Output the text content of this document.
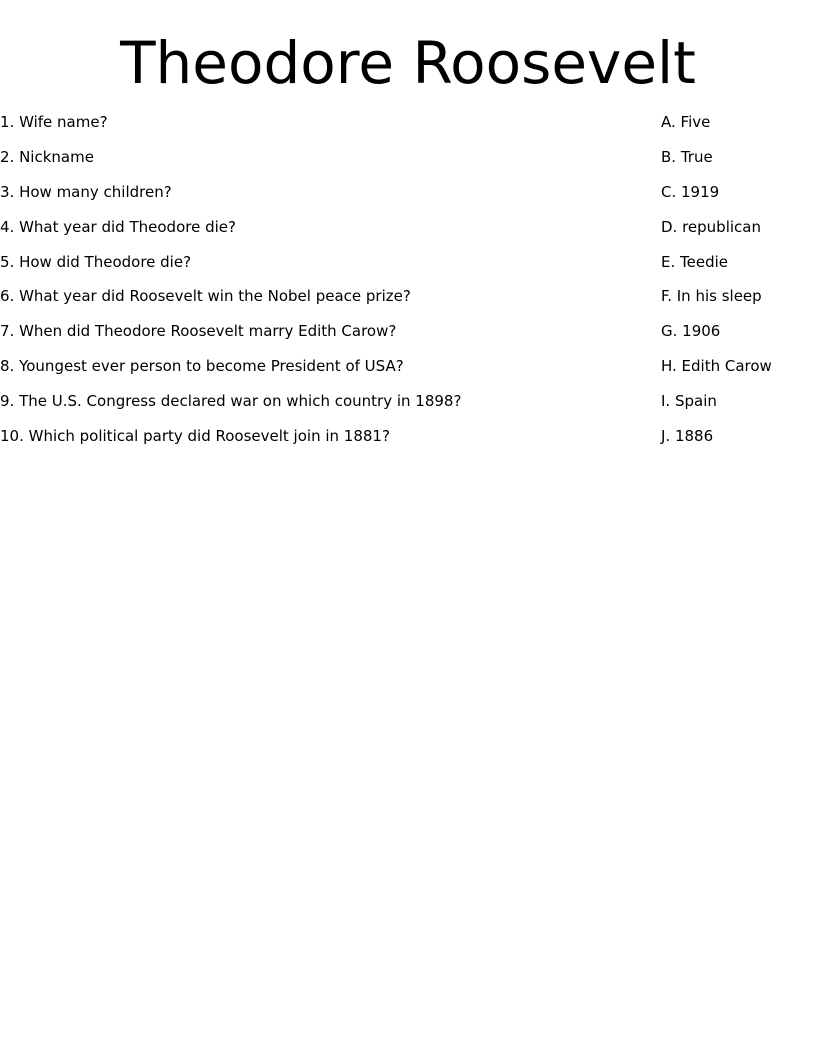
Theodore Roosevelt
1. Wife name?	A. Five
2. Nickname	B. True
3. How many children?	C. 1919
4. What year did Theodore die?	D. republican
5. How did Theodore die?	E. Teedie
6. What year did Roosevelt win the Nobel peace prize?	F. In his sleep
7. When did Theodore Roosevelt marry Edith Carow?	G. 1906
8. Youngest ever person to become President of USA?	H. Edith Carow
9. The U.S. Congress declared war on which country in 1898?	I. Spain
10. Which political party did Roosevelt join in 1881?	J. 1886
